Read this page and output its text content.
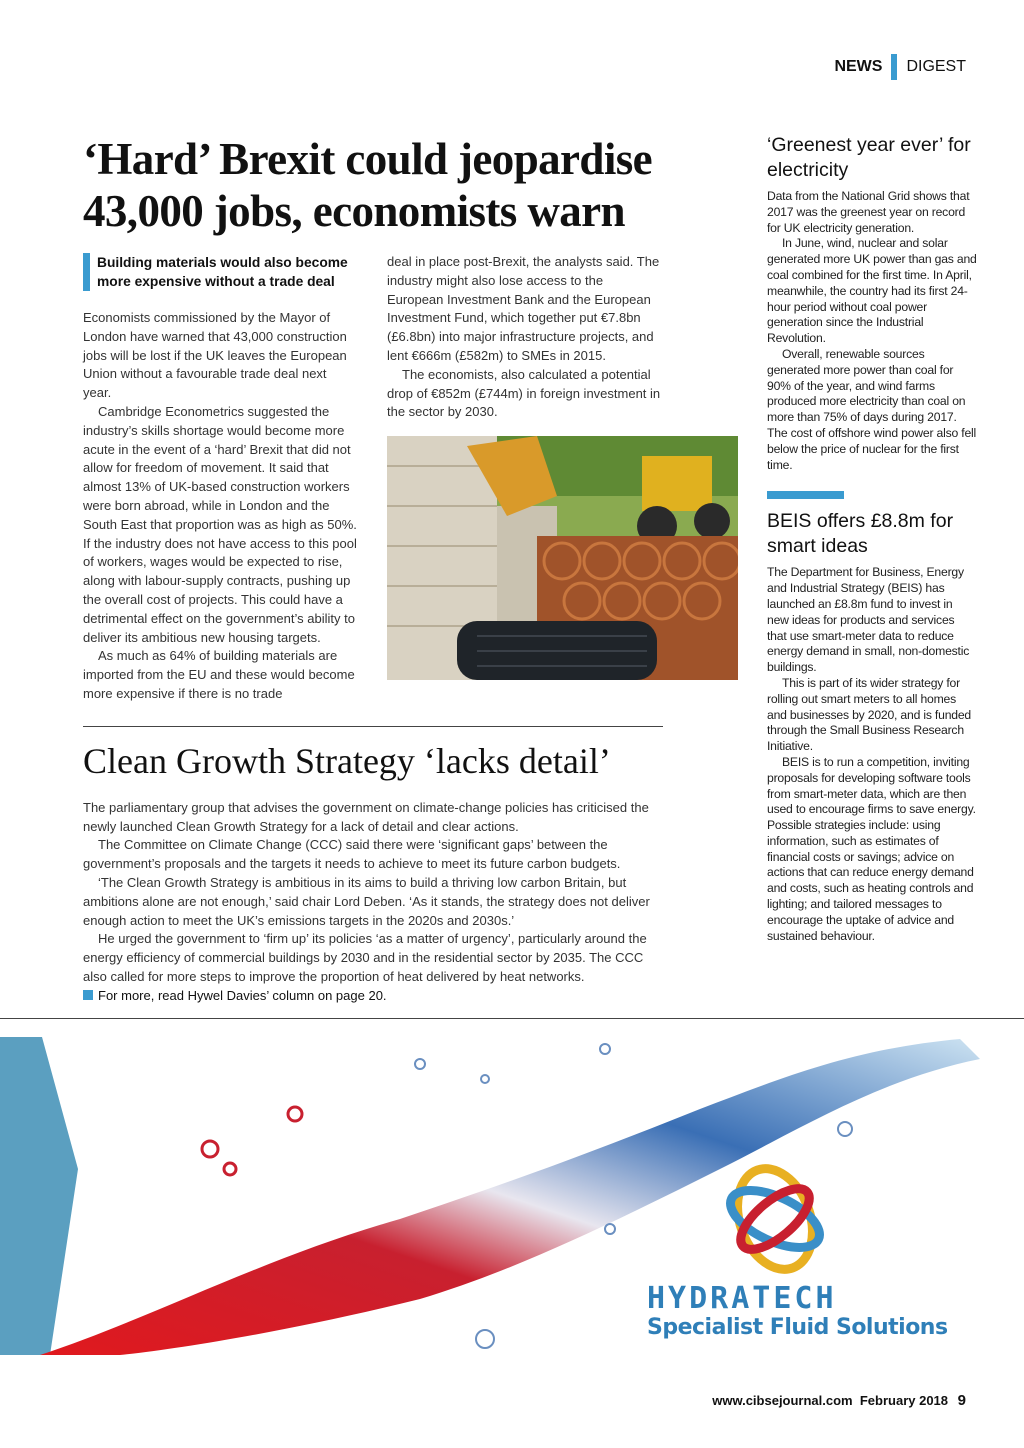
NEWS DIGEST
‘Hard’ Brexit could jeopardise 43,000 jobs, economists warn
Building materials would also become more expensive without a trade deal

Economists commissioned by the Mayor of London have warned that 43,000 construction jobs will be lost if the UK leaves the European Union without a favourable trade deal next year.

Cambridge Econometrics suggested the industry’s skills shortage would become more acute in the event of a ‘hard’ Brexit that did not allow for freedom of movement. It said that almost 13% of UK-based construction workers were born abroad, while in London and the South East that proportion was as high as 50%. If the industry does not have access to this pool of workers, wages would be expected to rise, along with labour-supply contracts, pushing up the overall cost of projects. This could have a detrimental effect on the government’s ability to deliver its ambitious new housing targets.

As much as 64% of building materials are imported from the EU and these would become more expensive if there is no trade

deal in place post-Brexit, the analysts said. The industry might also lose access to the European Investment Bank and the European Investment Fund, which together put €7.8bn (£6.8bn) into major infrastructure projects, and lent €666m (£582m) to SMEs in 2015.

The economists, also calculated a potential drop of €852m (£744m) in foreign investment in the sector by 2030.

Clean Growth Strategy ‘lacks detail’

The parliamentary group that advises the government on climate-change policies has criticised the newly launched Clean Growth Strategy for a lack of detail and clear actions.

The Committee on Climate Change (CCC) said there were ‘significant gaps’ between the government’s proposals and the targets it needs to achieve to meet its future carbon budgets.

‘The Clean Growth Strategy is ambitious in its aims to build a thriving low carbon Britain, but ambitions alone are not enough,’ said chair Lord Deben. ‘As it stands, the strategy does not deliver enough action to meet the UK’s emissions targets in the 2020s and 2030s.’

He urged the government to ‘firm up’ its policies ‘as a matter of urgency’, particularly around the energy efficiency of commercial buildings by 2030 and in the residential sector by 2035. The CCC also called for more steps to improve the proportion of heat delivered by heat networks.

For more, read Hywel Davies’ column on page 20.
‘Greenest year ever’ for electricity

Data from the National Grid shows that 2017 was the greenest year on record for UK electricity generation.

In June, wind, nuclear and solar generated more UK power than gas and coal combined for the first time. In April, meanwhile, the country had its first 24-hour period without coal power generation since the Industrial Revolution.

Overall, renewable sources generated more power than coal for 90% of the year, and wind farms produced more electricity than coal on more than 75% of days during 2017. The cost of offshore wind power also fell below the price of nuclear for the first time.

BEIS offers £8.8m for smart ideas

The Department for Business, Energy and Industrial Strategy (BEIS) has launched an £8.8m fund to invest in new ideas for products and services that use smart-meter data to reduce energy demand in small, non-domestic buildings.

This is part of its wider strategy for rolling out smart meters to all homes and businesses by 2020, and is funded through the Small Business Research Initiative.

BEIS is to run a competition, inviting proposals for developing software tools from smart-meter data, which are then used to encourage firms to save energy. Possible strategies include: using information, such as estimates of financial costs or savings; advice on actions that can reduce energy demand and costs, such as heating controls and lighting; and tailored messages to encourage the uptake of advice and sustained behaviour.

HYDRATECH
Specialist Fluid Solutions
www.cibsejournal.com February 2018 9
